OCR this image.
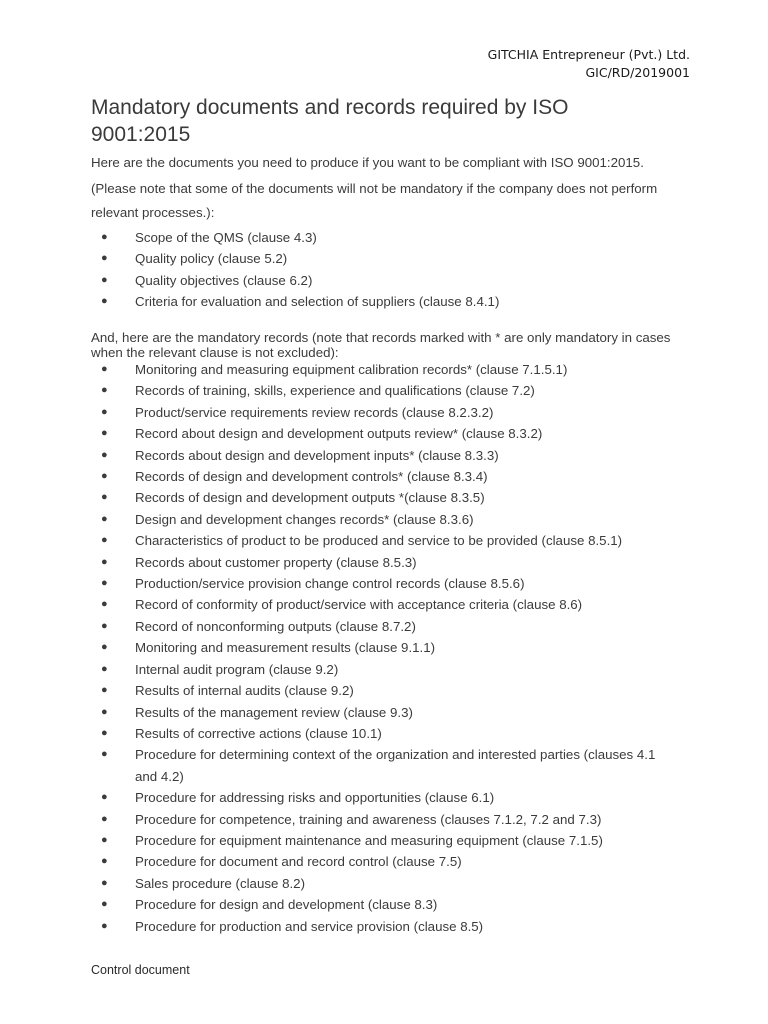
GITCHIA Entrepreneur (Pvt.) Ltd.
GIC/RD/2019001
Mandatory documents and records required by ISO 9001:2015

Here are the documents you need to produce if you want to be compliant with ISO 9001:2015.

(Please note that some of the documents will not be mandatory if the company does not perform relevant processes.):

● Scope of the QMS (clause 4.3)
● Quality policy (clause 5.2)
● Quality objectives (clause 6.2)
● Criteria for evaluation and selection of suppliers (clause 8.4.1)

And, here are the mandatory records (note that records marked with * are only mandatory in cases when the relevant clause is not excluded):

● Monitoring and measuring equipment calibration records* (clause 7.1.5.1)
● Records of training, skills, experience and qualifications (clause 7.2)
● Product/service requirements review records (clause 8.2.3.2)
● Record about design and development outputs review* (clause 8.3.2)
● Records about design and development inputs* (clause 8.3.3)
● Records of design and development controls* (clause 8.3.4)
● Records of design and development outputs *(clause 8.3.5)
● Design and development changes records* (clause 8.3.6)
● Characteristics of product to be produced and service to be provided (clause 8.5.1)
● Records about customer property (clause 8.5.3)
● Production/service provision change control records (clause 8.5.6)
● Record of conformity of product/service with acceptance criteria (clause 8.6)
● Record of nonconforming outputs (clause 8.7.2)
● Monitoring and measurement results (clause 9.1.1)
● Internal audit program (clause 9.2)
● Results of internal audits (clause 9.2)
● Results of the management review (clause 9.3)
● Results of corrective actions (clause 10.1)
● Procedure for determining context of the organization and interested parties (clauses 4.1 and 4.2)
● Procedure for addressing risks and opportunities (clause 6.1)
● Procedure for competence, training and awareness (clauses 7.1.2, 7.2 and 7.3)
● Procedure for equipment maintenance and measuring equipment (clause 7.1.5)
● Procedure for document and record control (clause 7.5)
● Sales procedure (clause 8.2)
● Procedure for design and development (clause 8.3)
● Procedure for production and service provision (clause 8.5)
Control document
